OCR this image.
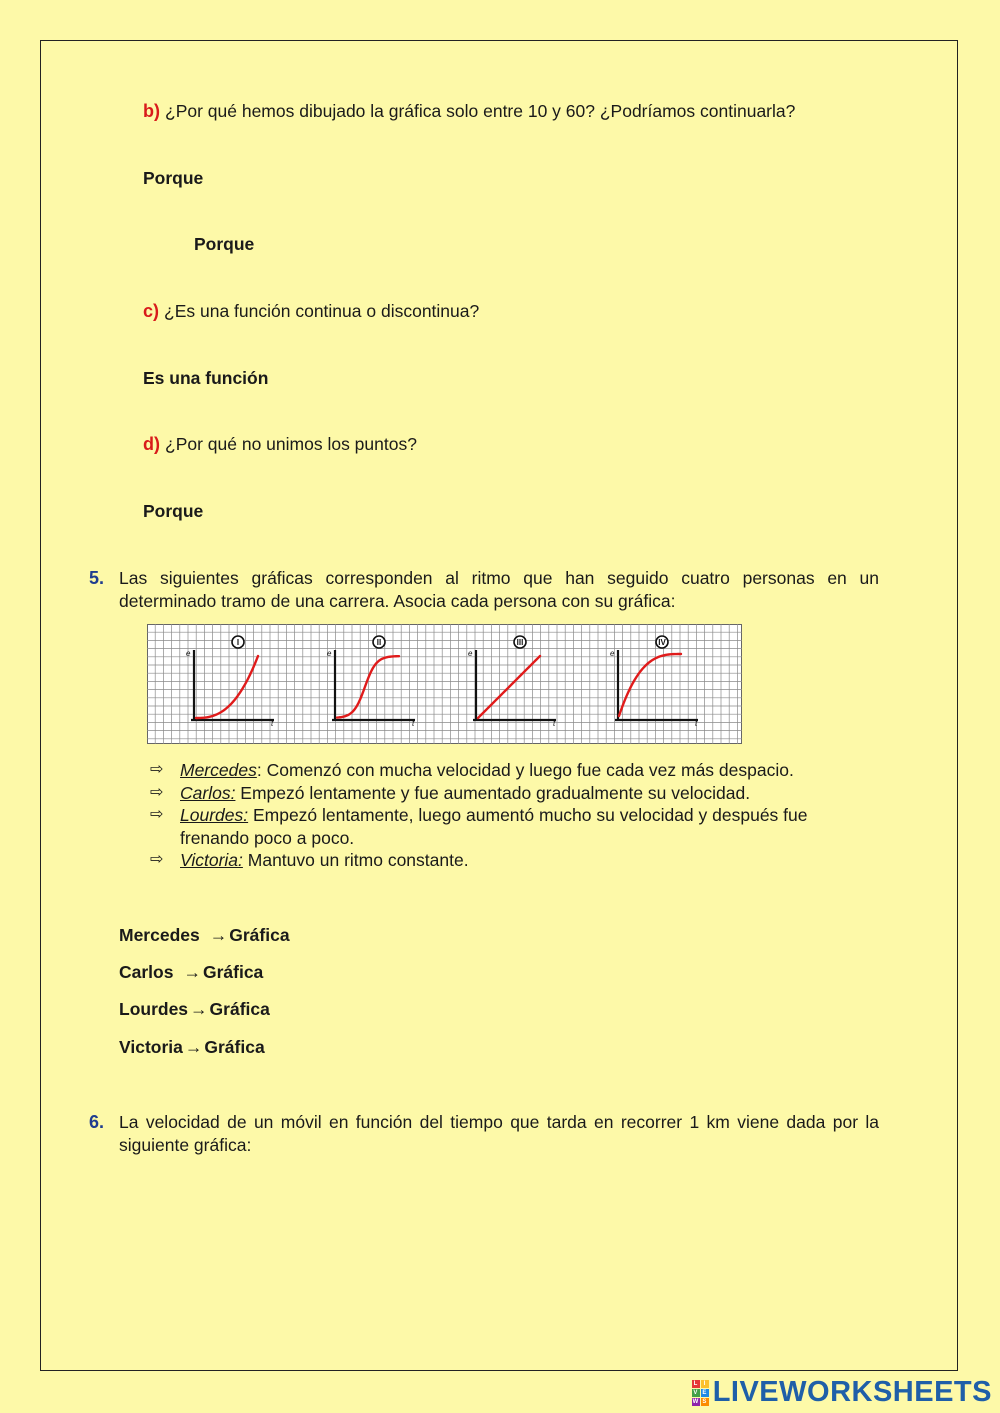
b) ¿Por qué hemos dibujado la gráfica solo entre 10 y 60? ¿Podríamos continuarla?
Porque
Porque
c) ¿Es una función continua o discontinua?
Es una función
d) ¿Por qué no unimos los puntos?
Porque
5. Las siguientes gráficas corresponden al ritmo que han seguido cuatro personas en un
determinado tramo de una carrera. Asocia cada persona con su gráfica:
e
t
I
e
t
II
e
t
III
e
t
IV
⇨ Mercedes: Comenzó con mucha velocidad y luego fue cada vez más despacio.
⇨ Carlos: Empezó lentamente y fue aumentado gradualmente su velocidad.
⇨ Lourdes: Empezó lentamente, luego aumentó mucho su velocidad y después fue frenando poco a poco.
⇨ Victoria: Mantuvo un ritmo constante.
Mercedes → Gráfica
Carlos → Gráfica
Lourdes → Gráfica
Victoria → Gráfica
6. La velocidad de un móvil en función del tiempo que tarda en recorrer 1 km viene dada por la
siguiente gráfica:
L I
V E
W S LIVEWORKSHEETS
